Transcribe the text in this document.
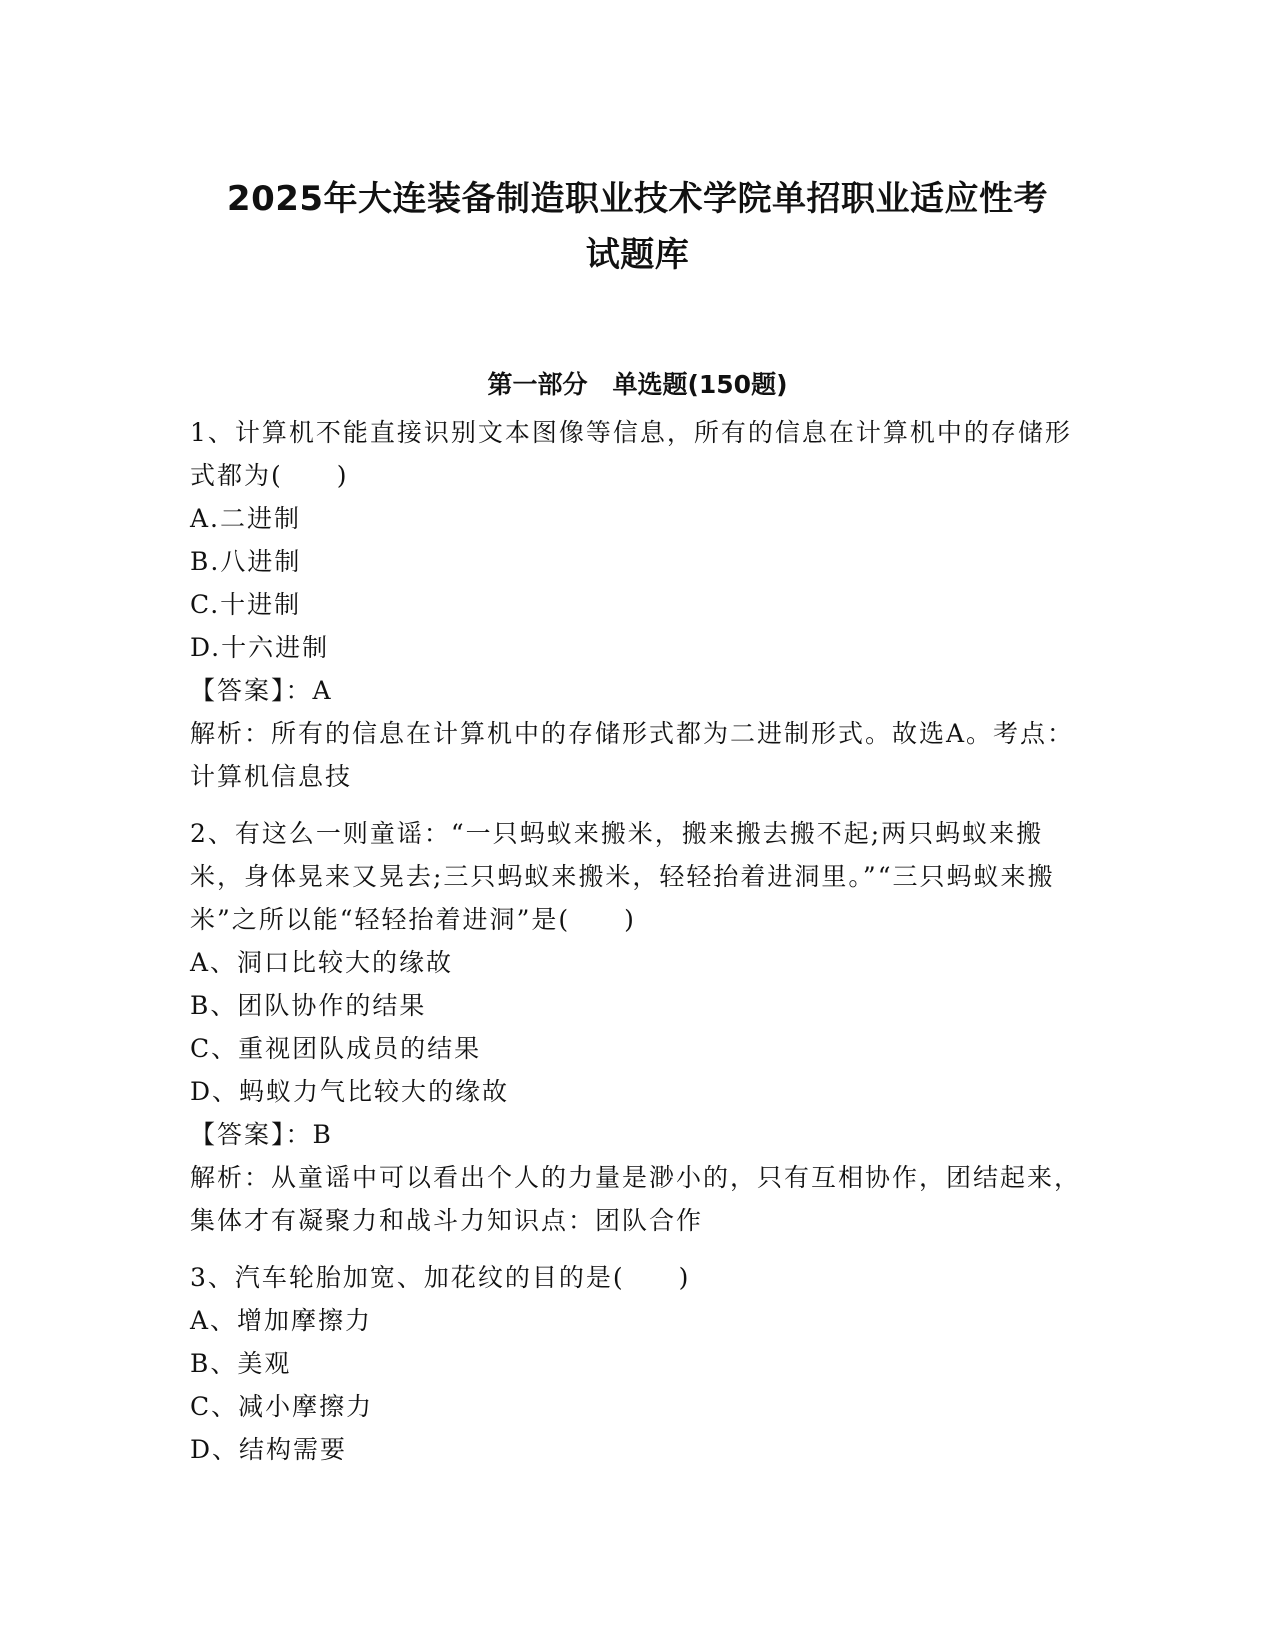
2025年大连装备制造职业技术学院单招职业适应性考
试题库
第一部分　单选题(150题)

1、计算机不能直接识别文本图像等信息，所有的信息在计算机中的存储形式都为(　　)

A.二进制

B.八进制

C.十进制

D.十六进制

【答案】：A

解析：所有的信息在计算机中的存储形式都为二进制形式。故选A。考点：计算机信息技

2、有这么一则童谣：“一只蚂蚁来搬米，搬来搬去搬不起;两只蚂蚁来搬米，身体晃来又晃去;三只蚂蚁来搬米，轻轻抬着进洞里。”“三只蚂蚁来搬米”之所以能“轻轻抬着进洞”是(　　)

A、洞口比较大的缘故

B、团队协作的结果

C、重视团队成员的结果

D、蚂蚁力气比较大的缘故

【答案】：B

解析：从童谣中可以看出个人的力量是渺小的，只有互相协作，团结起来，集体才有凝聚力和战斗力知识点：团队合作

3、汽车轮胎加宽、加花纹的目的是(　　)

A、增加摩擦力

B、美观

C、减小摩擦力

D、结构需要
